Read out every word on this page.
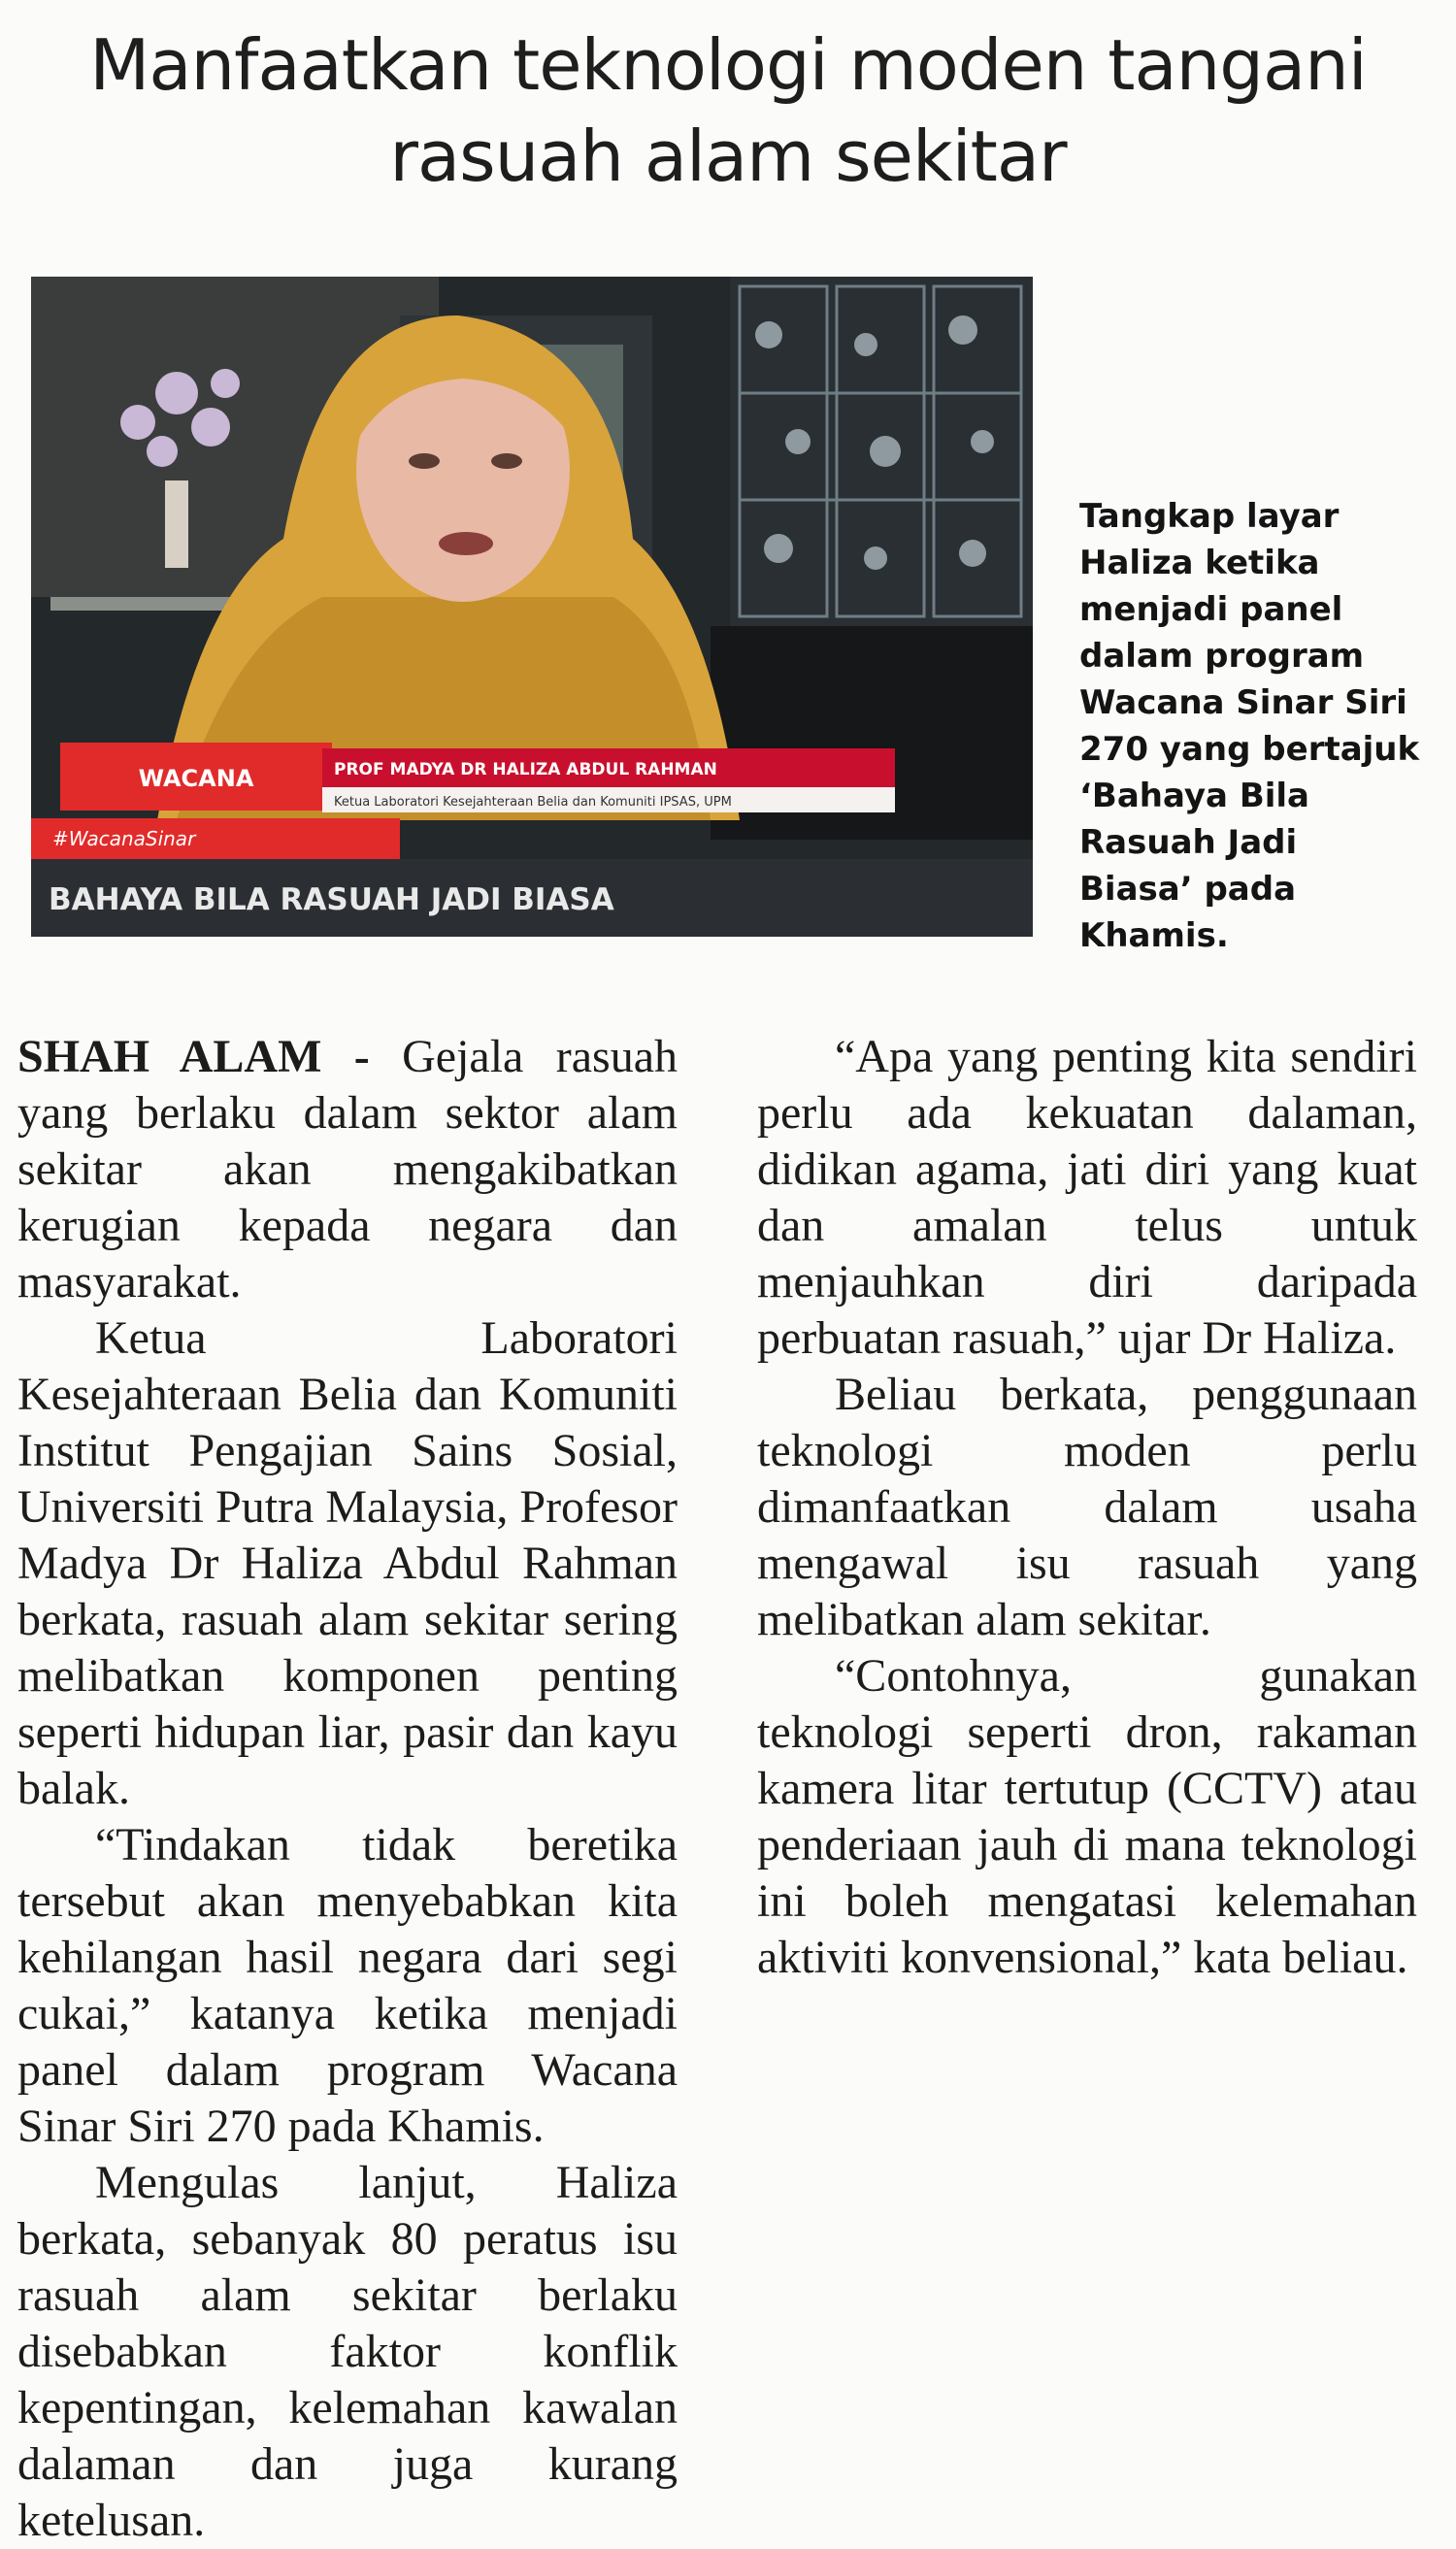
Manfaatkan teknologi moden tangani
rasuah alam sekitar
WACANA	PROF MADYA DR HALIZA ABDUL RAHMAN
Ketua Laboratori Kesejahteraan Belia dan Komuniti IPSAS, UPM
#WacanaSinar
BAHAYA BILA RASUAH JADI BIASA
Tangkap layar
Haliza ketika
menjadi panel
dalam program
Wacana Sinar Siri
270 yang bertajuk
‘Bahaya Bila
Rasuah Jadi
Biasa’ pada
Khamis.

SHAH ALAM - Gejala rasuah yang berlaku dalam sektor alam sekitar akan mengakibatkan kerugian kepada negara dan masyarakat.

Ketua Laboratori Kesejahteraan Belia dan Komuniti Institut Pengajian Sains Sosial, Universiti Putra Malaysia, Profesor Madya Dr Haliza Abdul Rahman berkata, rasuah alam sekitar sering melibatkan komponen penting seperti hidupan liar, pasir dan kayu balak.

“Tindakan tidak beretika tersebut akan menyebabkan kita kehilangan hasil negara dari segi cukai,” katanya ketika menjadi panel dalam program Wacana Sinar Siri 270 pada Khamis.

Mengulas lanjut, Haliza berkata, sebanyak 80 peratus isu rasuah alam sekitar berlaku disebabkan faktor konflik kepentingan, kelemahan kawalan dalaman dan juga kurang ketelusan.

“Apa yang penting kita sendiri perlu ada kekuatan dalaman, didikan agama, jati diri yang kuat dan amalan telus untuk menjauhkan diri daripada perbuatan rasuah,” ujar Dr Haliza.

Beliau berkata, penggunaan teknologi moden perlu dimanfaatkan dalam usaha mengawal isu rasuah yang melibatkan alam sekitar.

“Contohnya, gunakan teknologi seperti dron, rakaman kamera litar tertutup (CCTV) atau penderiaan jauh di mana teknologi ini boleh mengatasi kelemahan aktiviti konvensional,” kata beliau.
